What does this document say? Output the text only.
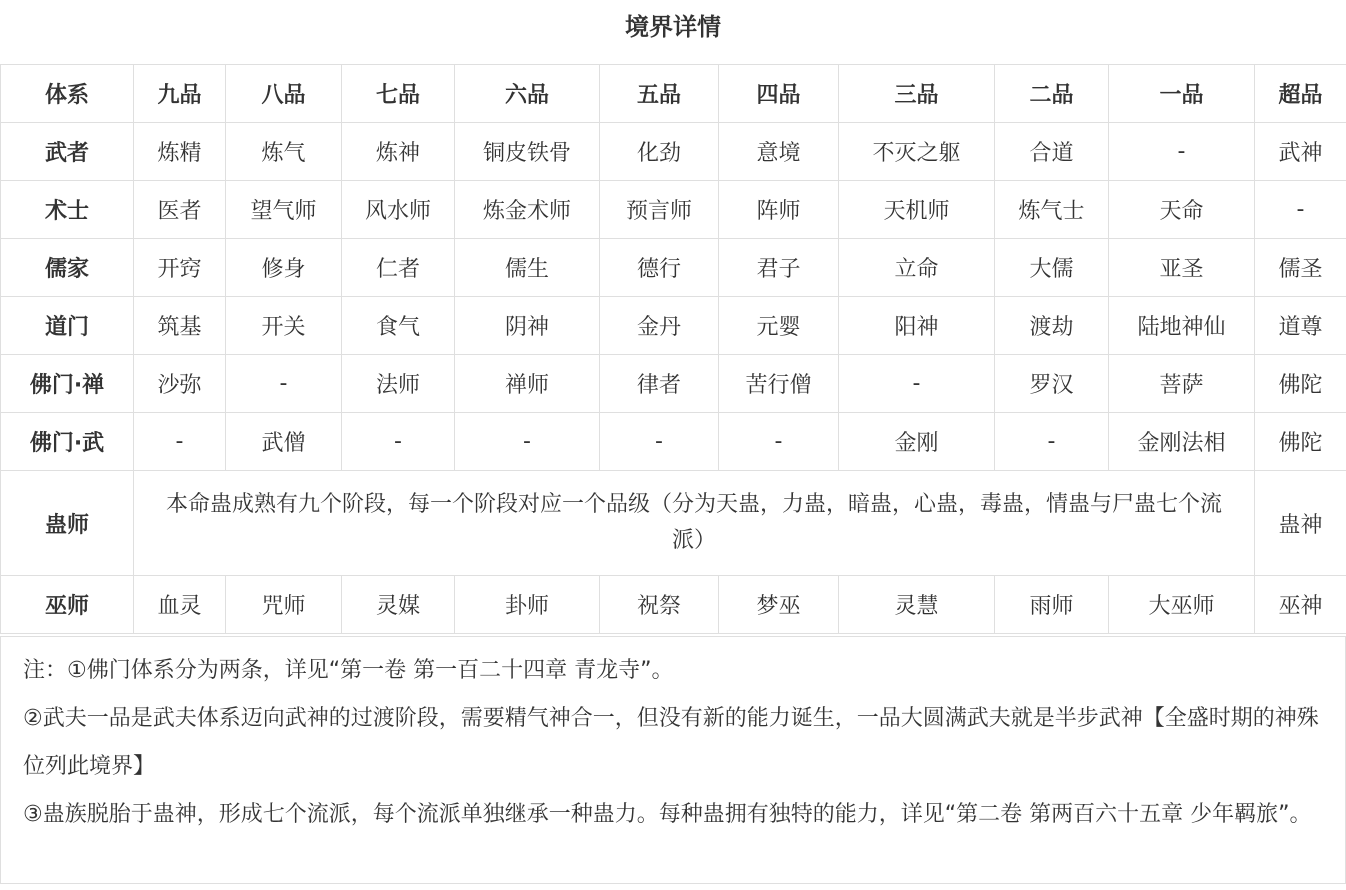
境界详情
体系	九品	八品	七品	六品	五品	四品	三品	二品	一品	超品
武者	炼精	炼气	炼神	铜皮铁骨	化劲	意境	不灭之躯	合道	-	武神
术士	医者	望气师	风水师	炼金术师	预言师	阵师	天机师	炼气士	天命	-
儒家	开窍	修身	仁者	儒生	德行	君子	立命	大儒	亚圣	儒圣
道门	筑基	开关	食气	阴神	金丹	元婴	阳神	渡劫	陆地神仙	道尊
佛门·禅	沙弥	-	法师	禅师	律者	苦行僧	-	罗汉	菩萨	佛陀
佛门·武	-	武僧	-	-	-	-	金刚	-	金刚法相	佛陀
蛊师	本命蛊成熟有九个阶段，每一个阶段对应一个品级（分为天蛊，力蛊，暗蛊，心蛊，毒蛊，情蛊与尸蛊七个流派）									蛊神
巫师	血灵	咒师	灵媒	卦师	祝祭	梦巫	灵慧	雨师	大巫师	巫神

注：①佛门体系分为两条，详见“第一卷 第一百二十四章 青龙寺”。

②武夫一品是武夫体系迈向武神的过渡阶段，需要精气神合一，但没有新的能力诞生，一品大圆满武夫就是半步武神【全盛时期的神殊位列此境界】

③蛊族脱胎于蛊神，形成七个流派，每个流派单独继承一种蛊力。每种蛊拥有独特的能力，详见“第二卷 第两百六十五章 少年羁旅”。
